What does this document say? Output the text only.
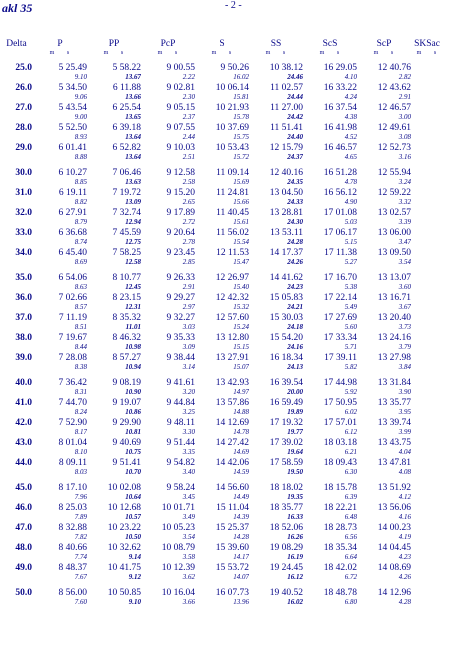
akl 35	- 2 -
Delta	P	PP	PcP	S	SS	ScS	ScP	SKSac
	m s	m s	m s	m s	m s	m s	m s	m s
25.0	5 25.49	5 58.22	9 00.55	9 50.26	10 38.12	16 29.05	12 40.76	
	9.10	13.67	2.22	16.02	24.46	4.10	2.82	
26.0	5 34.50	6 11.88	9 02.81	10 06.14	11 02.57	16 33.22	12 43.62	
	9.06	13.66	2.30	15.81	24.44	4.24	2.91	
27.0	5 43.54	6 25.54	9 05.15	10 21.93	11 27.00	16 37.54	12 46.57	
	9.00	13.65	2.37	15.78	24.42	4.38	3.00	
28.0	5 52.50	6 39.18	9 07.55	10 37.69	11 51.41	16 41.98	12 49.61	
	8.93	13.64	2.44	15.75	24.40	4.52	3.08	
29.0	6 01.41	6 52.82	9 10.03	10 53.43	12 15.79	16 46.57	12 52.73	
	8.88	13.64	2.51	15.72	24.37	4.65	3.16	

30.0	6 10.27	7 06.46	9 12.58	11 09.14	12 40.16	16 51.28	12 55.94	
	8.85	13.63	2.58	15.69	24.35	4.78	3.24	
31.0	6 19.11	7 19.72	9 15.20	11 24.81	13 04.50	16 56.12	12 59.22	
	8.82	13.09	2.65	15.66	24.33	4.90	3.32	
32.0	6 27.91	7 32.74	9 17.89	11 40.45	13 28.81	17 01.08	13 02.57	
	8.79	12.94	2.72	15.61	24.30	5.03	3.39	
33.0	6 36.68	7 45.59	9 20.64	11 56.02	13 53.11	17 06.17	13 06.00	
	8.74	12.75	2.78	15.54	24.28	5.15	3.47	
34.0	6 45.40	7 58.25	9 23.45	12 11.53	14 17.37	17 11.38	13 09.50	
	8.69	12.58	2.85	15.47	24.26	5.27	3.54	

35.0	6 54.06	8 10.77	9 26.33	12 26.97	14 41.62	17 16.70	13 13.07	
	8.63	12.45	2.91	15.40	24.23	5.38	3.60	
36.0	7 02.66	8 23.15	9 29.27	12 42.32	15 05.83	17 22.14	13 16.71	
	8.57	12.31	2.97	15.32	24.21	5.49	3.67	
37.0	7 11.19	8 35.32	9 32.27	12 57.60	15 30.03	17 27.69	13 20.40	
	8.51	11.01	3.03	15.24	24.18	5.60	3.73	
38.0	7 19.67	8 46.32	9 35.33	13 12.80	15 54.20	17 33.34	13 24.16	
	8.44	10.98	3.09	15.15	24.16	5.71	3.79	
39.0	7 28.08	8 57.27	9 38.44	13 27.91	16 18.34	17 39.11	13 27.98	
	8.38	10.94	3.14	15.07	24.13	5.82	3.84	

40.0	7 36.42	9 08.19	9 41.61	13 42.93	16 39.54	17 44.98	13 31.84	
	8.31	10.90	3.20	14.97	20.00	5.92	3.90	
41.0	7 44.70	9 19.07	9 44.84	13 57.86	16 59.49	17 50.95	13 35.77	
	8.24	10.86	3.25	14.88	19.89	6.02	3.95	
42.0	7 52.90	9 29.90	9 48.11	14 12.69	17 19.32	17 57.01	13 39.74	
	8.17	10.81	3.30	14.78	19.77	6.12	3.99	
43.0	8 01.04	9 40.69	9 51.44	14 27.42	17 39.02	18 03.18	13 43.75	
	8.10	10.75	3.35	14.69	19.64	6.21	4.04	
44.0	8 09.11	9 51.41	9 54.82	14 42.06	17 58.59	18 09.43	13 47.81	
	8.03	10.70	3.40	14.59	19.50	6.30	4.08	

45.0	8 17.10	10 02.08	9 58.24	14 56.60	18 18.02	18 15.78	13 51.92	
	7.96	10.64	3.45	14.49	19.35	6.39	4.12	
46.0	8 25.03	10 12.68	10 01.71	15 11.04	18 35.77	18 22.21	13 56.06	
	7.89	10.57	3.49	14.39	16.33	6.48	4.16	
47.0	8 32.88	10 23.22	10 05.23	15 25.37	18 52.06	18 28.73	14 00.23	
	7.82	10.50	3.54	14.28	16.26	6.56	4.19	
48.0	8 40.66	10 32.62	10 08.79	15 39.60	19 08.29	18 35.34	14 04.45	
	7.74	9.14	3.58	14.17	16.19	6.64	4.23	
49.0	8 48.37	10 41.75	10 12.39	15 53.72	19 24.45	18 42.02	14 08.69	
	7.67	9.12	3.62	14.07	16.12	6.72	4.26	

50.0	8 56.00	10 50.85	10 16.04	16 07.73	19 40.52	18 48.78	14 12.96	
	7.60	9.10	3.66	13.96	16.02	6.80	4.28	
